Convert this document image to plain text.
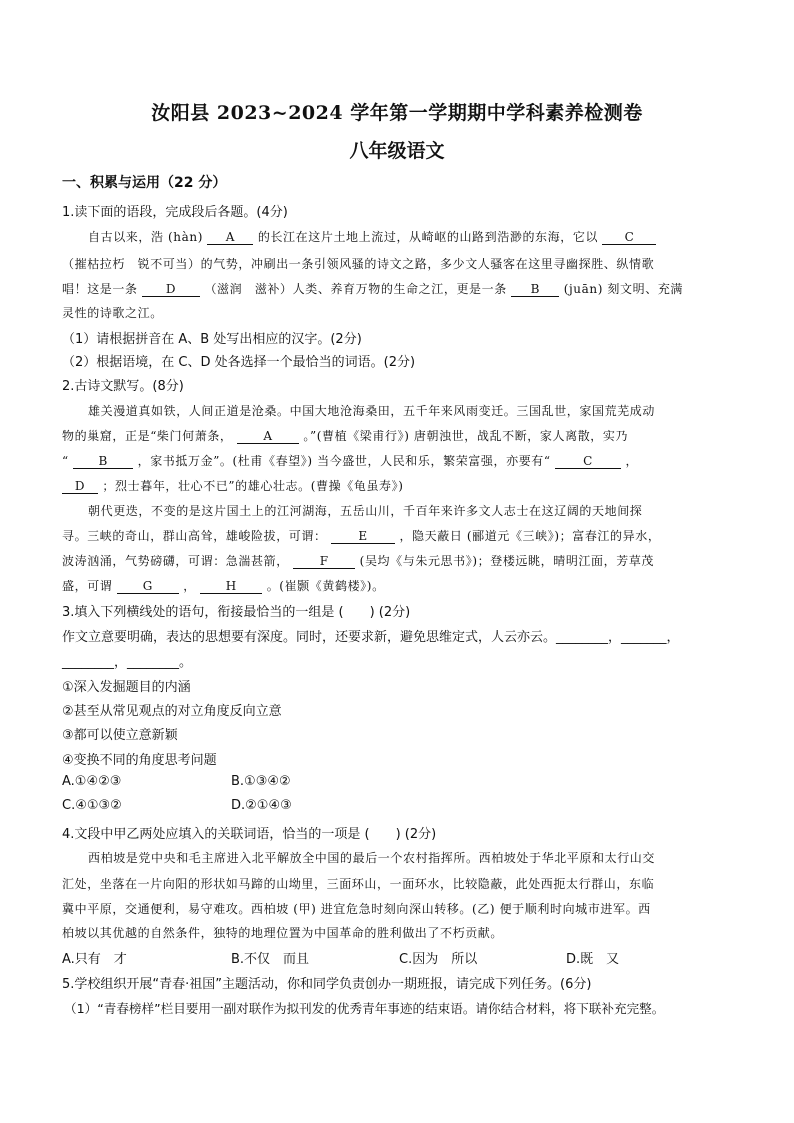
汝阳县 2023~2024 学年第一学期期中学科素养检测卷
八年级语文
一、积累与运用（22 分）
1.读下面的语段，完成段后各题。(4分)
自古以来，浩 (hàn) A 的长江在这片土地上流过，从崎岖的山路到浩渺的东海，它以 C
（摧枯拉朽　锐不可当）的气势，冲刷出一条引领风骚的诗文之路，多少文人骚客在这里寻幽探胜、纵情歌
唱！这是一条 D （滋润　滋补）人类、养育万物的生命之江，更是一条 B (juān) 刻文明、充满
灵性的诗歌之江。
（1）请根据拼音在 A、B 处写出相应的汉字。(2分)
（2）根据语境，在 C、D 处各选择一个最恰当的词语。(2分)
2.古诗文默写。(8分)
雄关漫道真如铁，人间正道是沧桑。中国大地沧海桑田，五千年来风雨变迁。三国乱世，家国荒芜成动
物的巢窟，正是“柴门何萧条，	A	。”(曹植《梁甫行》) 唐朝浊世，战乱不断，家人离散，实乃
“ B ，家书抵万金”。(杜甫《春望》) 当今盛世，人民和乐，繁荣富强，亦要有“	C	，
D ；烈士暮年，壮心不已”的雄心壮志。(曹操《龟虽寿》)
朝代更迭，不变的是这片国土上的江河湖海，五岳山川，千百年来许多文人志士在这辽阔的天地间探
寻。三峡的奇山，群山高耸，雄峻险拔，可谓：	E	，隐天蔽日 (郦道元《三峡》)；富春江的异水，
波涛汹涌，气势磅礴，可谓：急湍甚箭，	F	(吴均《与朱元思书》)；登楼远眺，晴明江面，芳草茂
盛，可谓	G	， H 。(崔颢《黄鹤楼》)。
3.填入下列横线处的语句，衔接最恰当的一组是 (　　) (2分)
作文立意要明确，表达的思想要有深度。同时，还要求新，避免思维定式，人云亦云。________，_______，
________，________。
①深入发掘题目的内涵
②甚至从常见观点的对立角度反向立意
③都可以使立意新颖
④变换不同的角度思考问题
A.①④②③	B.①③④②
C.④①③②	D.②①④③
4.文段中甲乙两处应填入的关联词语，恰当的一项是 (　　) (2分)
西柏坡是党中央和毛主席进入北平解放全中国的最后一个农村指挥所。西柏坡处于华北平原和太行山交
汇处，坐落在一片向阳的形状如马蹄的山坳里，三面环山，一面环水，比较隐蔽，此处西扼太行群山，东临
冀中平原，交通便利，易守难攻。西柏坡 (甲) 进宜危急时刻向深山转移。(乙) 便于顺利时向城市进军。西
柏坡以其优越的自然条件，独特的地理位置为中国革命的胜利做出了不朽贡献。
A.只有　才	B.不仅　而且	C.因为　所以	D.既　又
5.学校组织开展“青春·祖国”主题活动，你和同学负责创办一期班报，请完成下列任务。(6分)
（1）“青春榜样”栏目要用一副对联作为拟刊发的优秀青年事迹的结束语。请你结合材料，将下联补充完整。
